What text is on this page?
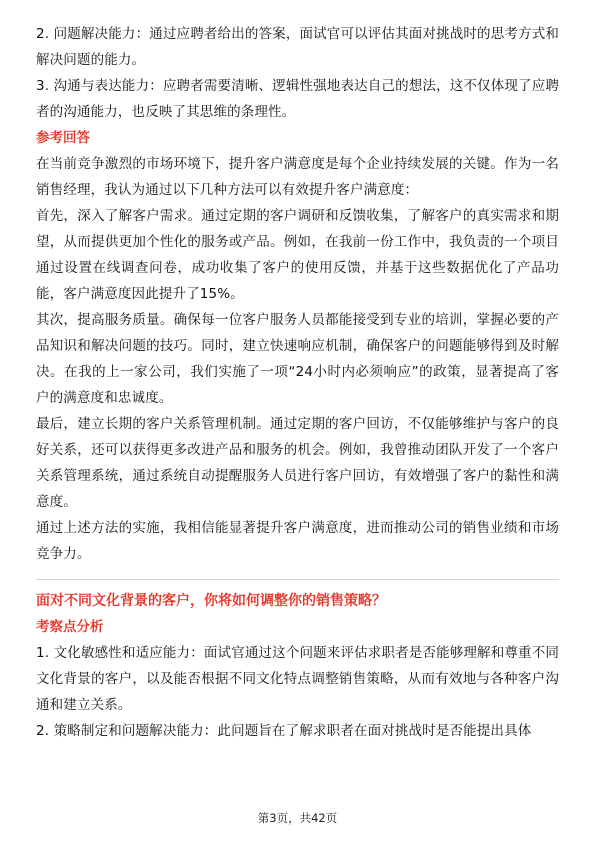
2. 问题解决能力：通过应聘者给出的答案，面试官可以评估其面对挑战时的思考方式和解决问题的能力。

3. 沟通与表达能力：应聘者需要清晰、逻辑性强地表达自己的想法，这不仅体现了应聘者的沟通能力，也反映了其思维的条理性。

参考回答

在当前竞争激烈的市场环境下，提升客户满意度是每个企业持续发展的关键。作为一名销售经理，我认为通过以下几种方法可以有效提升客户满意度：

首先，深入了解客户需求。通过定期的客户调研和反馈收集，了解客户的真实需求和期望，从而提供更加个性化的服务或产品。例如，在我前一份工作中，我负责的一个项目通过设置在线调查问卷，成功收集了客户的使用反馈，并基于这些数据优化了产品功能，客户满意度因此提升了15%。

其次，提高服务质量。确保每一位客户服务人员都能接受到专业的培训，掌握必要的产品知识和解决问题的技巧。同时，建立快速响应机制，确保客户的问题能够得到及时解决。在我的上一家公司，我们实施了一项“24小时内必须响应”的政策，显著提高了客户的满意度和忠诚度。

最后，建立长期的客户关系管理机制。通过定期的客户回访，不仅能够维护与客户的良好关系，还可以获得更多改进产品和服务的机会。例如，我曾推动团队开发了一个客户关系管理系统，通过系统自动提醒服务人员进行客户回访，有效增强了客户的黏性和满意度。

通过上述方法的实施，我相信能显著提升客户满意度，进而推动公司的销售业绩和市场竞争力。

面对不同文化背景的客户，你将如何调整你的销售策略？

考察点分析

1. 文化敏感性和适应能力：面试官通过这个问题来评估求职者是否能够理解和尊重不同文化背景的客户，以及能否根据不同文化特点调整销售策略，从而有效地与各种客户沟通和建立关系。

2. 策略制定和问题解决能力：此问题旨在了解求职者在面对挑战时是否能提出具体

第3页，共42页
